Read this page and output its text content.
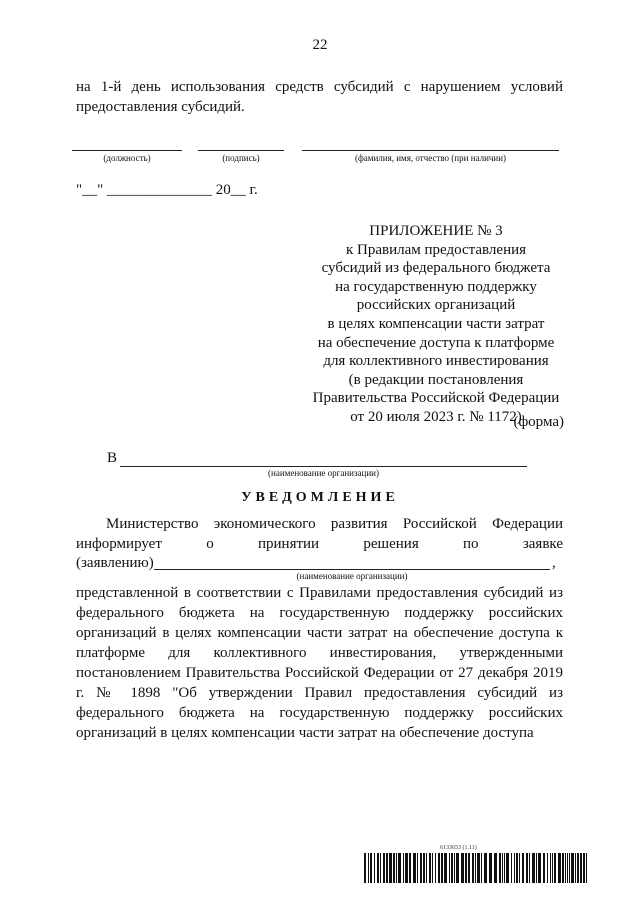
22
на 1-й день использования средств субсидий с нарушением условий предоставления субсидий.
(должность)	(подпись)	(фамилия, имя, отчество (при наличии)
"__" ______________ 20__ г.
ПРИЛОЖЕНИЕ № 3
к Правилам предоставления
субсидий из федерального бюджета
на государственную поддержку
российских организаций
в целях компенсации части затрат
на обеспечение доступа к платформе
для коллективного инвестирования
(в редакции постановления
Правительства Российской Федерации
от 20 июля 2023 г. № 1172)
(форма)
В
(наименование организации)
УВЕДОМЛЕНИЕ
Министерство экономического развития Российской Федерации
информирует о принятии решения по заявке
(заявлению)	,
(наименование организации)
представленной в соответствии с Правилами предоставления субсидий из федерального бюджета на государственную поддержку российских организаций в целях компенсации части затрат на обеспечение доступа к платформе для коллективного инвестирования, утвержденными постановлением Правительства Российской Федерации от 27 декабря 2019 г. № 1898 "Об утверждении Правил предоставления субсидий из федерального бюджета на государственную поддержку российских организаций в целях компенсации части затрат на обеспечение доступа
6133653 (1.11)
